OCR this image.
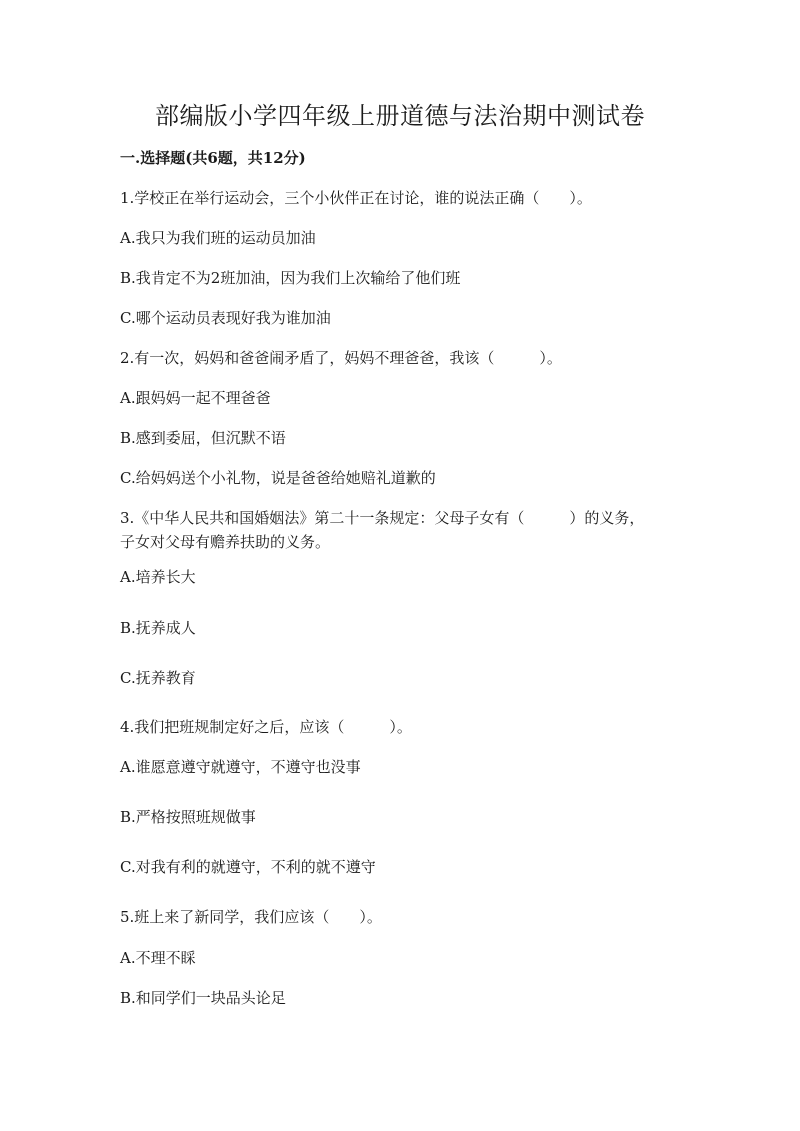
部编版小学四年级上册道德与法治期中测试卷

一.选择题(共6题，共12分)

1.学校正在举行运动会，三个小伙伴正在讨论，谁的说法正确（　　）。

A.我只为我们班的运动员加油

B.我肯定不为2班加油，因为我们上次输给了他们班

C.哪个运动员表现好我为谁加油

2.有一次，妈妈和爸爸闹矛盾了，妈妈不理爸爸，我该（　　　）。

A.跟妈妈一起不理爸爸

B.感到委屈，但沉默不语

C.给妈妈送个小礼物，说是爸爸给她赔礼道歉的

3.《中华人民共和国婚姻法》第二十一条规定：父母子女有（　　　）的义务，

子女对父母有赡养扶助的义务。

A.培养长大

B.抚养成人

C.抚养教育

4.我们把班规制定好之后，应该（　　　）。

A.谁愿意遵守就遵守，不遵守也没事

B.严格按照班规做事

C.对我有利的就遵守，不利的就不遵守

5.班上来了新同学，我们应该（　　）。

A.不理不睬

B.和同学们一块品头论足
